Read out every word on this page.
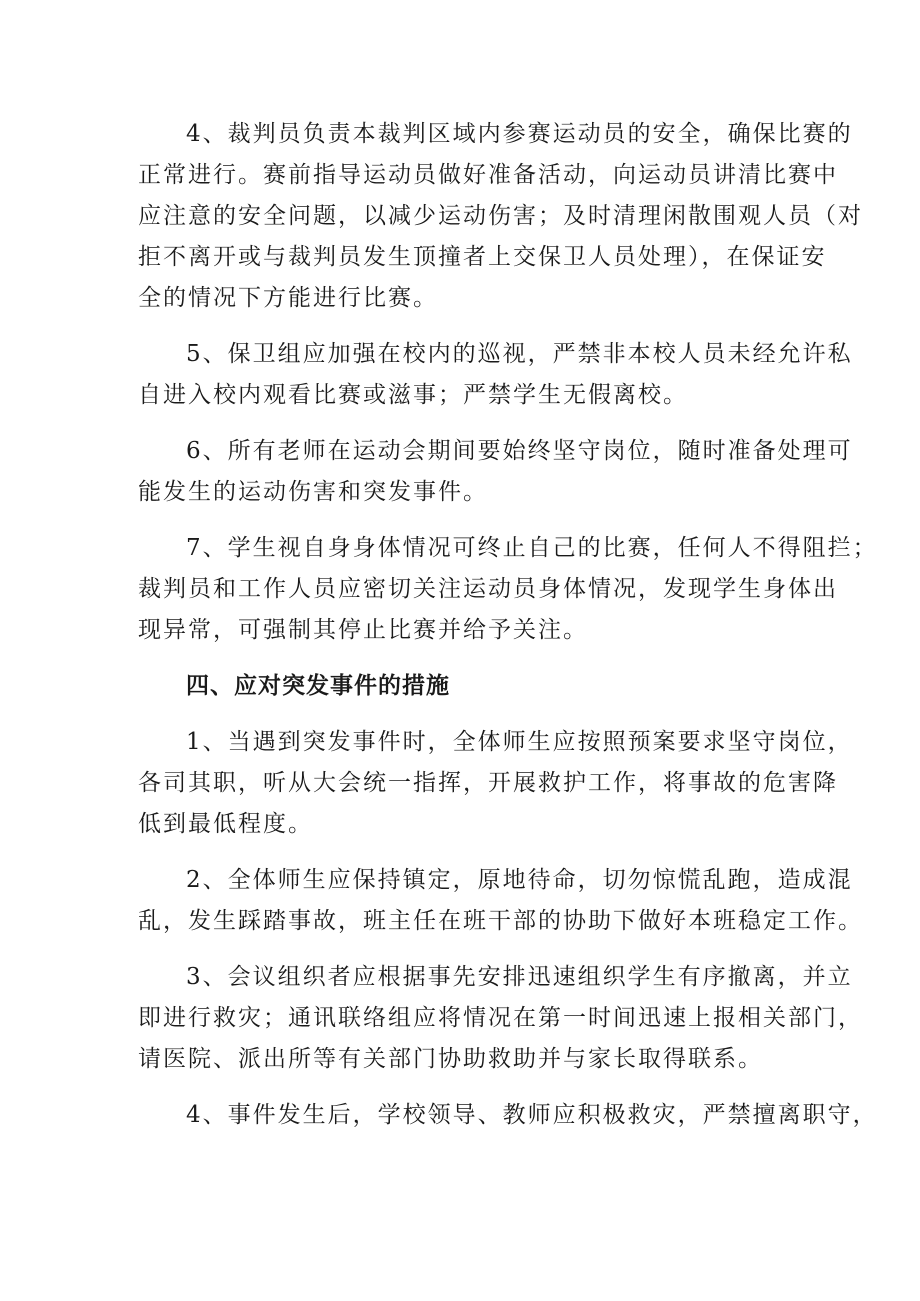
4、裁判员负责本裁判区域内参赛运动员的安全，确保比赛的
正常进行。赛前指导运动员做好准备活动，向运动员讲清比赛中
应注意的安全问题，以减少运动伤害；及时清理闲散围观人员（对
拒不离开或与裁判员发生顶撞者上交保卫人员处理），在保证安
全的情况下方能进行比赛。
5、保卫组应加强在校内的巡视，严禁非本校人员未经允许私
自进入校内观看比赛或滋事；严禁学生无假离校。
6、所有老师在运动会期间要始终坚守岗位，随时准备处理可
能发生的运动伤害和突发事件。
7、学生视自身身体情况可终止自己的比赛，任何人不得阻拦；
裁判员和工作人员应密切关注运动员身体情况，发现学生身体出
现异常，可强制其停止比赛并给予关注。
四、应对突发事件的措施
1、当遇到突发事件时，全体师生应按照预案要求坚守岗位，
各司其职，听从大会统一指挥，开展救护工作，将事故的危害降
低到最低程度。
2、全体师生应保持镇定，原地待命，切勿惊慌乱跑，造成混
乱，发生踩踏事故，班主任在班干部的协助下做好本班稳定工作。
3、会议组织者应根据事先安排迅速组织学生有序撤离，并立
即进行救灾；通讯联络组应将情况在第一时间迅速上报相关部门，
请医院、派出所等有关部门协助救助并与家长取得联系。
4、事件发生后，学校领导、教师应积极救灾，严禁擅离职守，
